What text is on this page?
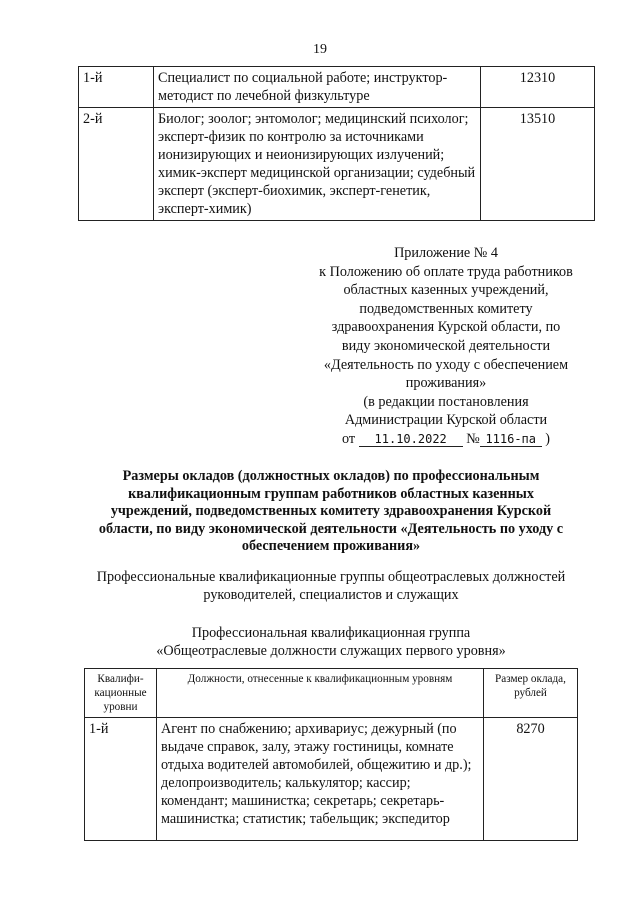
19
1-й	Специалист по социальной работе; инструктор-методист по лечебной физкультуре	12310
2-й	Биолог; зоолог; энтомолог; медицинский психолог; эксперт-физик по контролю за источниками ионизирующих и неионизирующих излучений; химик-эксперт медицинской организации; судебный эксперт (эксперт-биохимик, эксперт-генетик, эксперт-химик)	13510
Приложение № 4
к Положению об оплате труда работников областных казенных учреждений, подведомственных комитету здравоохранения Курской области, по виду экономической деятельности «Деятельность по уходу с обеспечением проживания»
(в редакции постановления Администрации Курской области
от 11.10.2022 № 1116-па )
Размеры окладов (должностных окладов) по профессиональным квалификационным группам работников областных казенных учреждений, подведомственных комитету здравоохранения Курской области, по виду экономической деятельности «Деятельность по уходу с обеспечением проживания»
Профессиональные квалификационные группы общеотраслевых должностей руководителей, специалистов и служащих
Профессиональная квалификационная группа
«Общеотраслевые должности служащих первого уровня»
Квалифи-кационные уровни	Должности, отнесенные к квалификационным уровням	Размер оклада, рублей
1-й	Агент по снабжению; архивариус; дежурный (по выдаче справок, залу, этажу гостиницы, комнате отдыха водителей автомобилей, общежитию и др.); делопроизводитель; калькулятор; кассир; комендант; машинистка; секретарь; секретарь-машинистка; статистик; табельщик; экспедитор	8270
